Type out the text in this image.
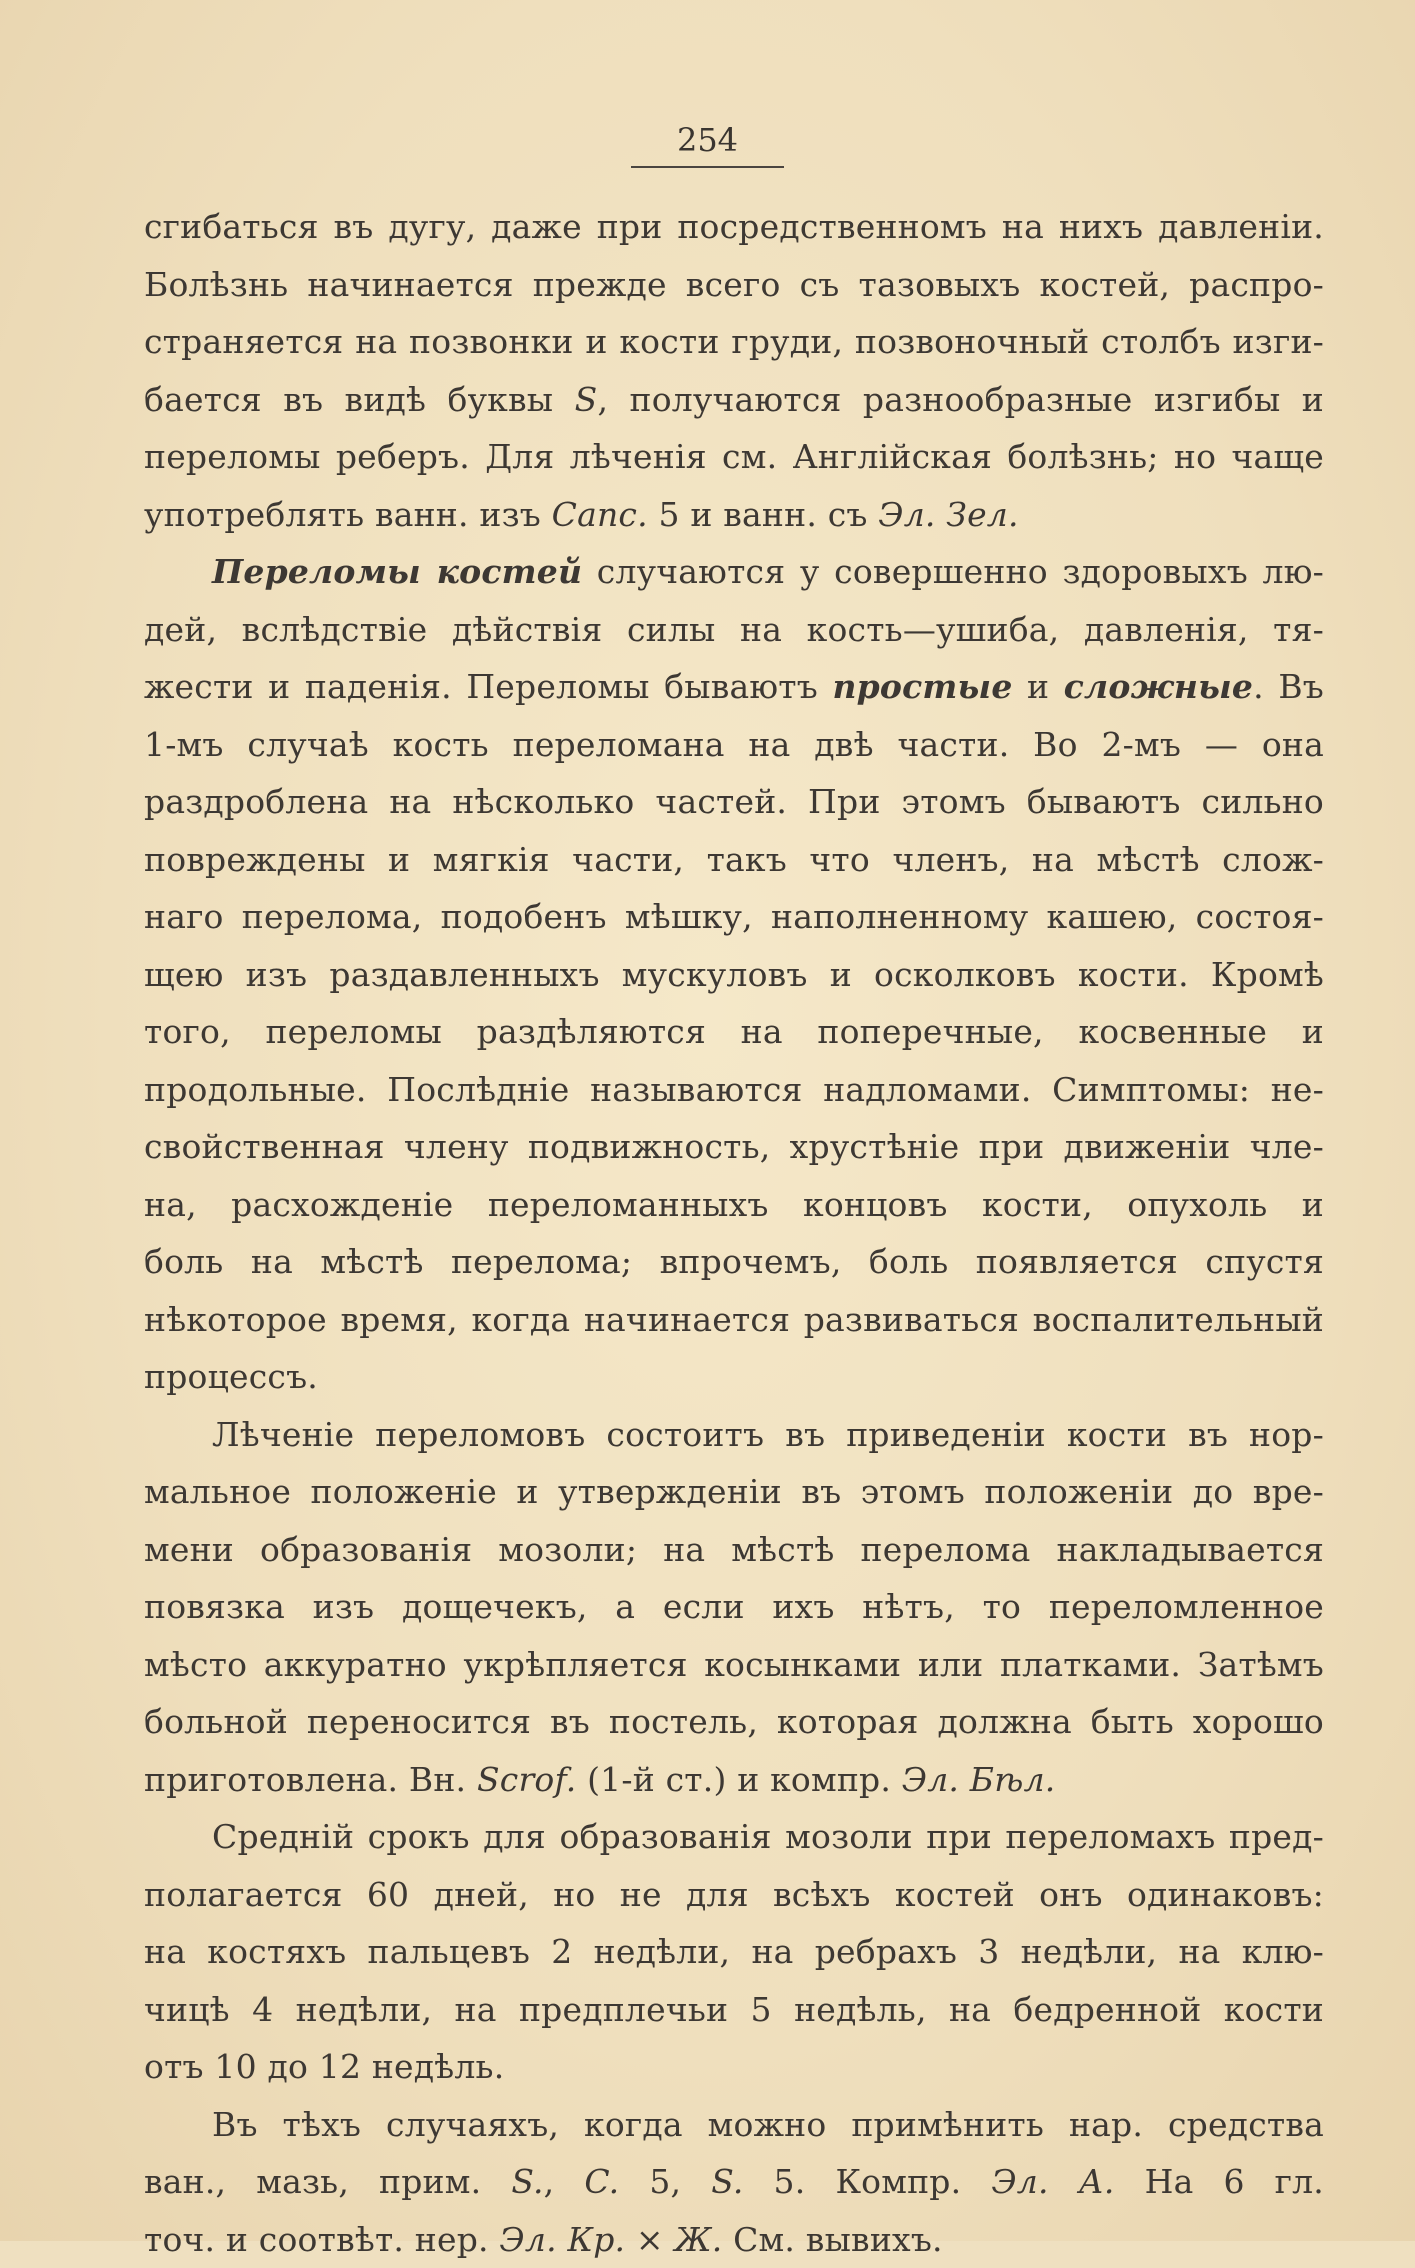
254
сгибаться въ дугу, даже при посредственномъ на нихъ давленіи.
Болѣзнь начинается прежде всего съ тазовыхъ костей, распро-
страняется на позвонки и кости груди, позвоночный столбъ изги-
бается въ видѣ буквы S, получаются разнообразные изгибы и
переломы реберъ. Для лѣченія см. Англійская болѣзнь; но чаще
употреблять ванн. изъ Canc. 5 и ванн. съ Эл. Зел.
Переломы костей случаются у совершенно здоровыхъ лю-
дей, вслѣдствіе дѣйствія силы на кость—ушиба, давленія, тя-
жести и паденія. Переломы бываютъ простые и сложные. Въ
1-мъ случаѣ кость переломана на двѣ части. Во 2-мъ — она
раздроблена на нѣсколько частей. При этомъ бываютъ сильно
повреждены и мягкія части, такъ что членъ, на мѣстѣ слож-
наго перелома, подобенъ мѣшку, наполненному кашею, состоя-
щею изъ раздавленныхъ мускуловъ и осколковъ кости. Кромѣ
того, переломы раздѣляются на поперечные, косвенные и
продольные. Послѣдніе называются надломами. Симптомы: не-
свойственная члену подвижность, хрустѣніе при движеніи чле-
на, расхожденіе переломанныхъ концовъ кости, опухоль и
боль на мѣстѣ перелома; впрочемъ, боль появляется спустя
нѣкоторое время, когда начинается развиваться воспалительный
процессъ.
Лѣченіе переломовъ состоитъ въ приведеніи кости въ нор-
мальное положеніе и утвержденіи въ этомъ положеніи до вре-
мени образованія мозоли; на мѣстѣ перелома накладывается
повязка изъ дощечекъ, а если ихъ нѣтъ, то переломленное
мѣсто аккуратно укрѣпляется косынками или платками. Затѣмъ
больной переносится въ постель, которая должна быть хорошо
приготовлена. Вн. Scrof. (1-й ст.) и компр. Эл. Бѣл.
Средній срокъ для образованія мозоли при переломахъ пред-
полагается 60 дней, но не для всѣхъ костей онъ одинаковъ:
на костяхъ пальцевъ 2 недѣли, на ребрахъ 3 недѣли, на клю-
чицѣ 4 недѣли, на предплечьи 5 недѣль, на бедренной кости
отъ 10 до 12 недѣль.
Въ тѣхъ случаяхъ, когда можно примѣнить нар. средства
ван., мазь, прим. S., C. 5, S. 5. Компр. Эл. А. На 6 гл.
точ. и соотвѣт. нер. Эл. Кр. × Ж. См. вывихъ.
